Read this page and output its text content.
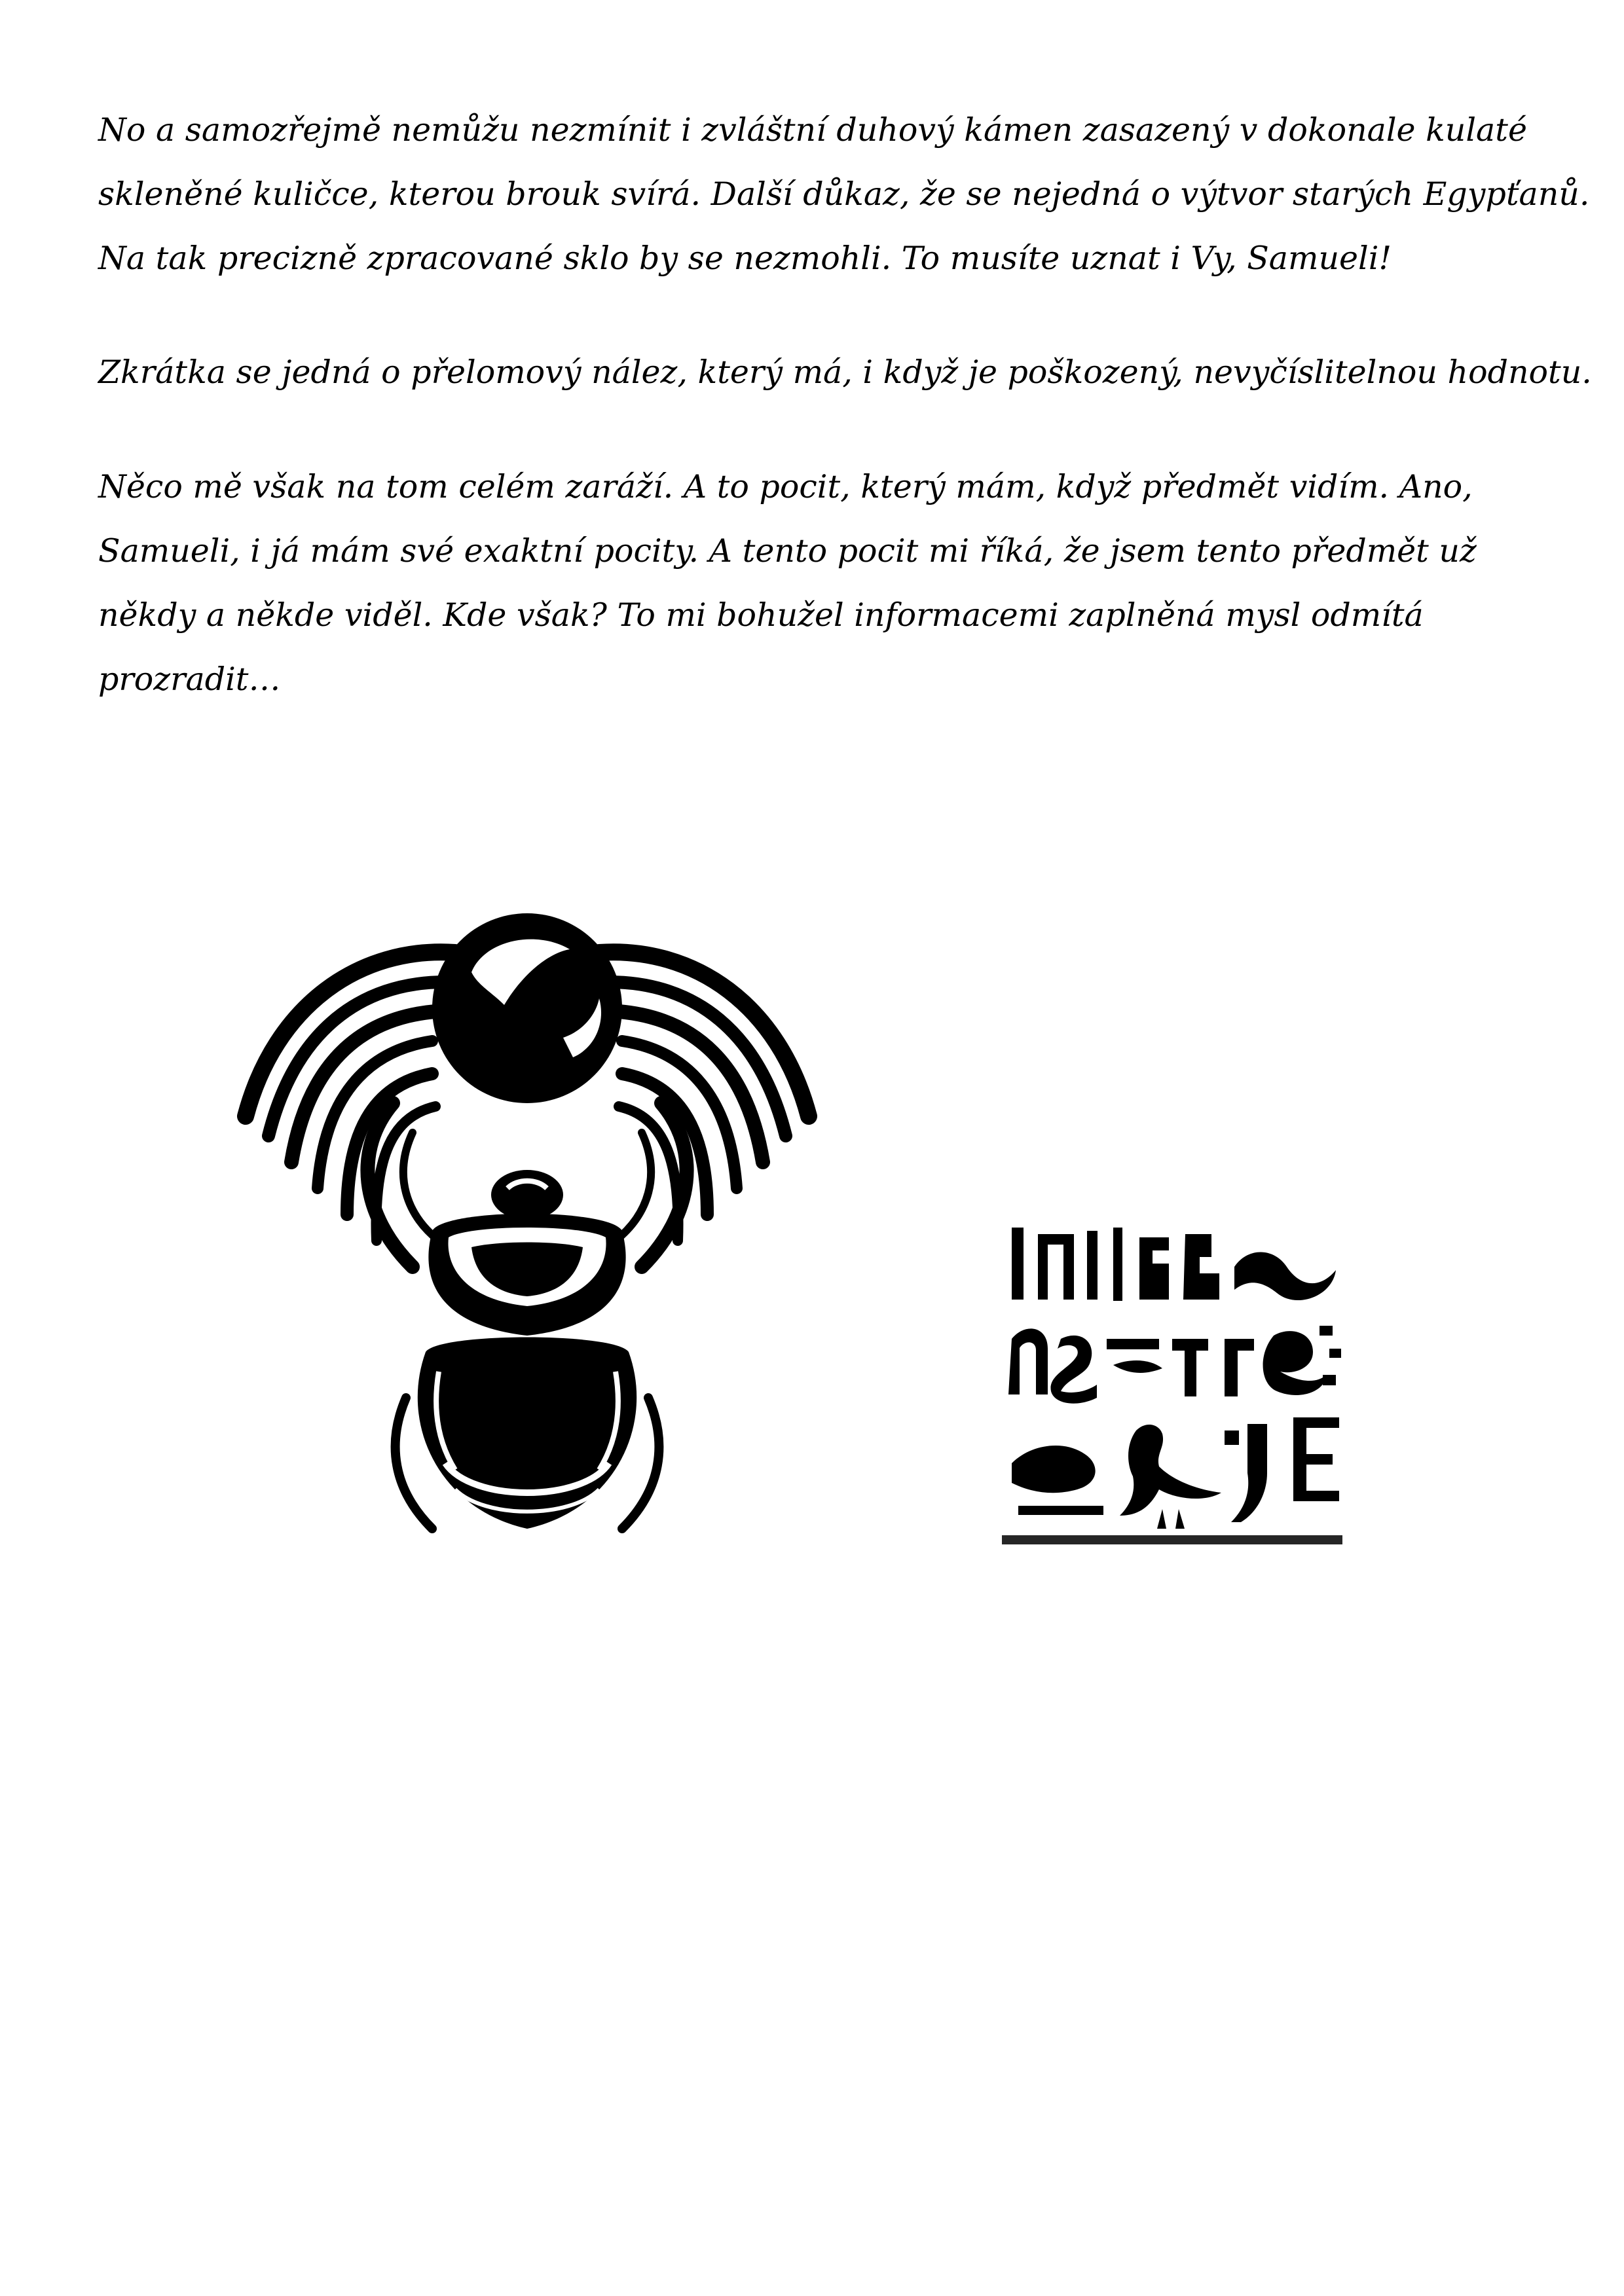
No a samozřejmě nemůžu nezmínit i zvláštní duhový kámen zasazený v dokonale kulaté
skleněné kuličce, kterou brouk svírá. Další důkaz, že se nejedná o výtvor starých Egypťanů.
Na tak precizně zpracované sklo by se nezmohli. To musíte uznat i Vy, Samueli!

Zkrátka se jedná o přelomový nález, který má, i když je poškozený, nevyčíslitelnou hodnotu.

Něco mě však na tom celém zaráží. A to pocit, který mám, když předmět vidím. Ano,
Samueli, i já mám své exaktní pocity. A tento pocit mi říká, že jsem tento předmět už
někdy a někde viděl. Kde však? To mi bohužel informacemi zaplněná mysl odmítá
prozradit…
